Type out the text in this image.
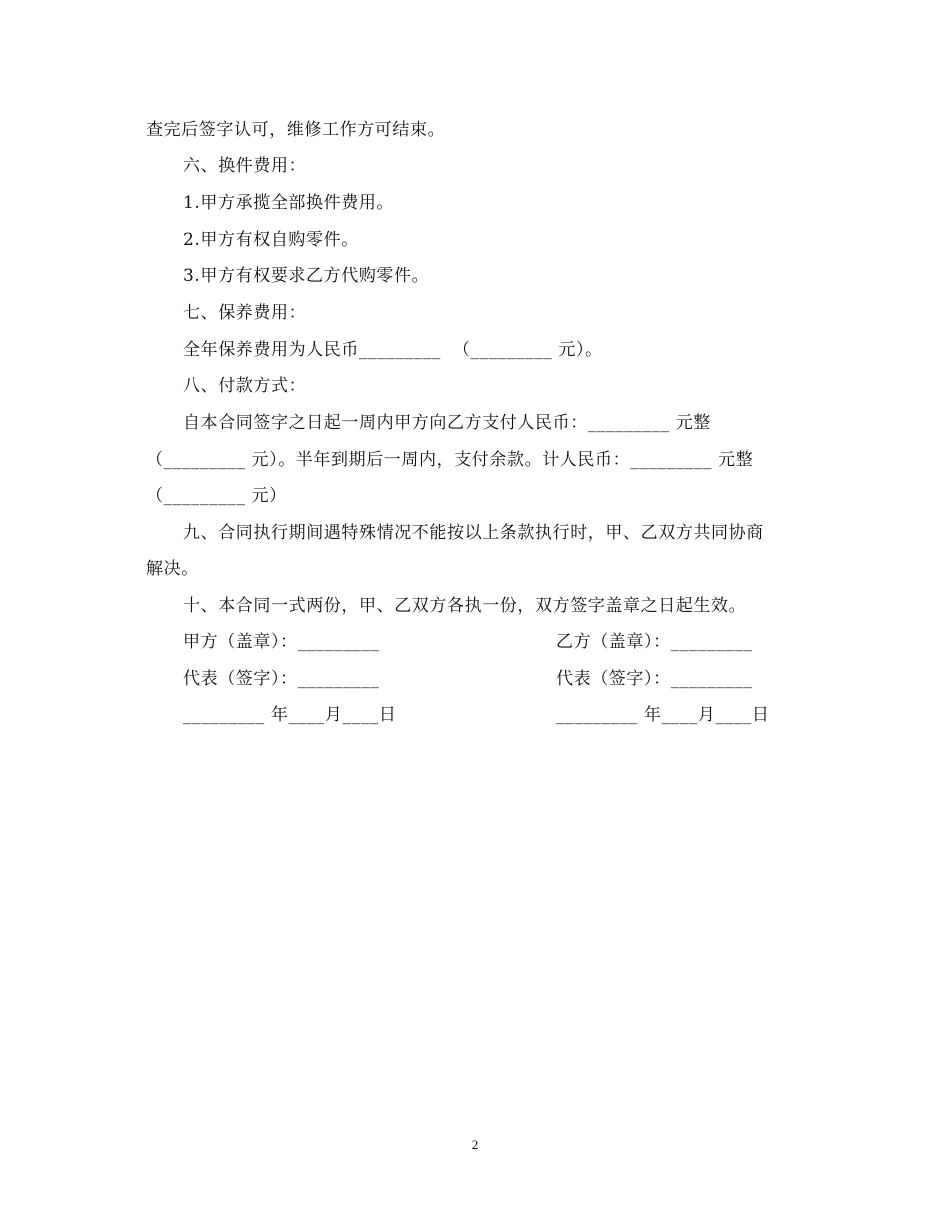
查完后签字认可，维修工作方可结束。
六、换件费用：
1.甲方承揽全部换件费用。
2.甲方有权自购零件。
3.甲方有权要求乙方代购零件。
七、保养费用：
全年保养费用为人民币_________  （_________ 元）。
八、付款方式：
自本合同签字之日起一周内甲方向乙方支付人民币：_________ 元整
（_________ 元）。半年到期后一周内，支付余款。计人民币：_________ 元整
（_________ 元）
九、合同执行期间遇特殊情况不能按以上条款执行时，甲、乙双方共同协商
解决。
十、本合同一式两份，甲、乙双方各执一份，双方签字盖章之日起生效。
甲方（盖章）：_________	乙方（盖章）：_________
代表（签字）：_________	代表（签字）：_________
_________ 年____月____日	_________ 年____月____日
2
